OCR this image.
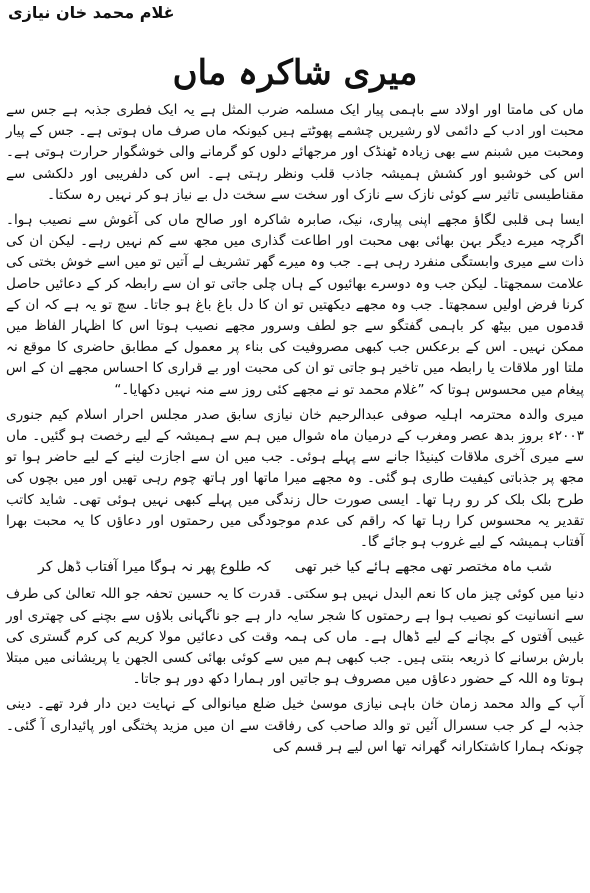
غلام محمد خان نیازی
میری شاکرہ ماں

ماں کی مامتا اور اولاد سے باہمی پیار ایک مسلمہ ضرب المثل ہے یہ ایک فطری جذبہ ہے جس سے محبت اور ادب کے دائمی لاو رشیریں چشمے پھوٹتے ہیں کیونکہ ماں صرف ماں ہوتی ہے۔ جس کے پیار ومحبت میں شبنم سے بھی زیادہ ٹھنڈک اور مرجھائے دلوں کو گرمانے والی خوشگوار حرارت ہوتی ہے۔ اس کی خوشبو اور کشش ہمیشہ جاذب قلب ونظر رہتی ہے۔ اس کی دلفریبی اور دلکشی سے مقناطیسی تاثیر سے کوئی نازک سے نازک اور سخت سے سخت دل بے نیاز ہو کر نہیں رہ سکتا۔

ایسا ہی قلبی لگاؤ مجھے اپنی پیاری، نیک، صابرہ شاکرہ اور صالح ماں کی آغوش سے نصیب ہوا۔ اگرچہ میرے دیگر بہن بھائی بھی محبت اور اطاعت گذاری میں مجھ سے کم نہیں رہے۔ لیکن ان کی ذات سے میری وابستگی منفرد رہی ہے۔ جب وہ میرے گھر تشریف لے آتیں تو میں اسے خوش بختی کی علامت سمجھتا۔ لیکن جب وہ دوسرے بھائیوں کے ہاں چلی جاتی تو ان سے رابطہ کر کے دعائیں حاصل کرنا فرض اولیں سمجھتا۔ جب وہ مجھے دیکھتیں تو ان کا دل باغ باغ ہو جاتا۔ سچ تو یہ ہے کہ ان کے قدموں میں بیٹھ کر باہمی گفتگو سے جو لطف وسرور مجھے نصیب ہوتا اس کا اظہار الفاظ میں ممکن نہیں۔ اس کے برعکس جب کبھی مصروفیت کی بناء پر معمول کے مطابق حاضری کا موقع نہ ملتا اور ملاقات یا رابطہ میں تاخیر ہو جاتی تو ان کی محبت اور بے قراری کا احساس مجھے ان کے اس پیغام میں محسوس ہوتا کہ ”غلام محمد تو نے مجھے کئی روز سے منہ نہیں دکھایا۔“

میری والدہ محترمہ اہلیہ صوفی عبدالرحیم خان نیازی سابق صدر مجلس احرار اسلام کیم جنوری ۲۰۰۳ء بروز بدھ عصر ومغرب کے درمیان ماہ شوال میں ہم سے ہمیشہ کے لیے رخصت ہو گئیں۔ ماں سے میری آخری ملاقات کینیڈا جانے سے پہلے ہوئی۔ جب میں ان سے اجازت لینے کے لیے حاضر ہوا تو مجھ پر جذباتی کیفیت طاری ہو گئی۔ وہ مجھے میرا ماتھا اور ہاتھ چوم رہی تھیں اور میں بچوں کی طرح بلک بلک کر رو رہا تھا۔ ایسی صورت حال زندگی میں پہلے کبھی نہیں ہوئی تھی۔ شاید کاتب تقدیر یہ محسوس کرا رہا تھا کہ راقم کی عدم موجودگی میں رحمتوں اور دعاؤں کا یہ محبت بھرا آفتاب ہمیشہ کے لیے غروب ہو جائے گا۔

شب ماہ مختصر تھی مجھے ہائے کیا خبر تھی
کہ طلوع پھر نہ ہوگا میرا آفتاب ڈھل کر

دنیا میں کوئی چیز ماں کا نعم البدل نہیں ہو سکتی۔ قدرت کا یہ حسین تحفہ جو اللہ تعالیٰ کی طرف سے انسانیت کو نصیب ہوا ہے رحمتوں کا شجر سایہ دار ہے جو ناگہانی بلاؤں سے بچنے کی چھتری اور غیبی آفتوں کے بچانے کے لیے ڈھال ہے۔ ماں کی ہمہ وقت کی دعائیں مولا کریم کی کرم گستری کی بارش برسانے کا ذریعہ بنتی ہیں۔ جب کبھی ہم میں سے کوئی بھائی کسی الجھن یا پریشانی میں مبتلا ہوتا وہ اللہ کے حضور دعاؤں میں مصروف ہو جاتیں اور ہمارا دکھ دور ہو جاتا۔

آپ کے والد محمد زمان خان باہی نیازی موسیٰ خیل ضلع میانوالی کے نہایت دین دار فرد تھے۔ دینی جذبہ لے کر جب سسرال آئیں تو والد صاحب کی رفاقت سے ان میں مزید پختگی اور پائیداری آ گئی۔ چونکہ ہمارا کاشتکارانہ گھرانہ تھا اس لیے ہر قسم کی
